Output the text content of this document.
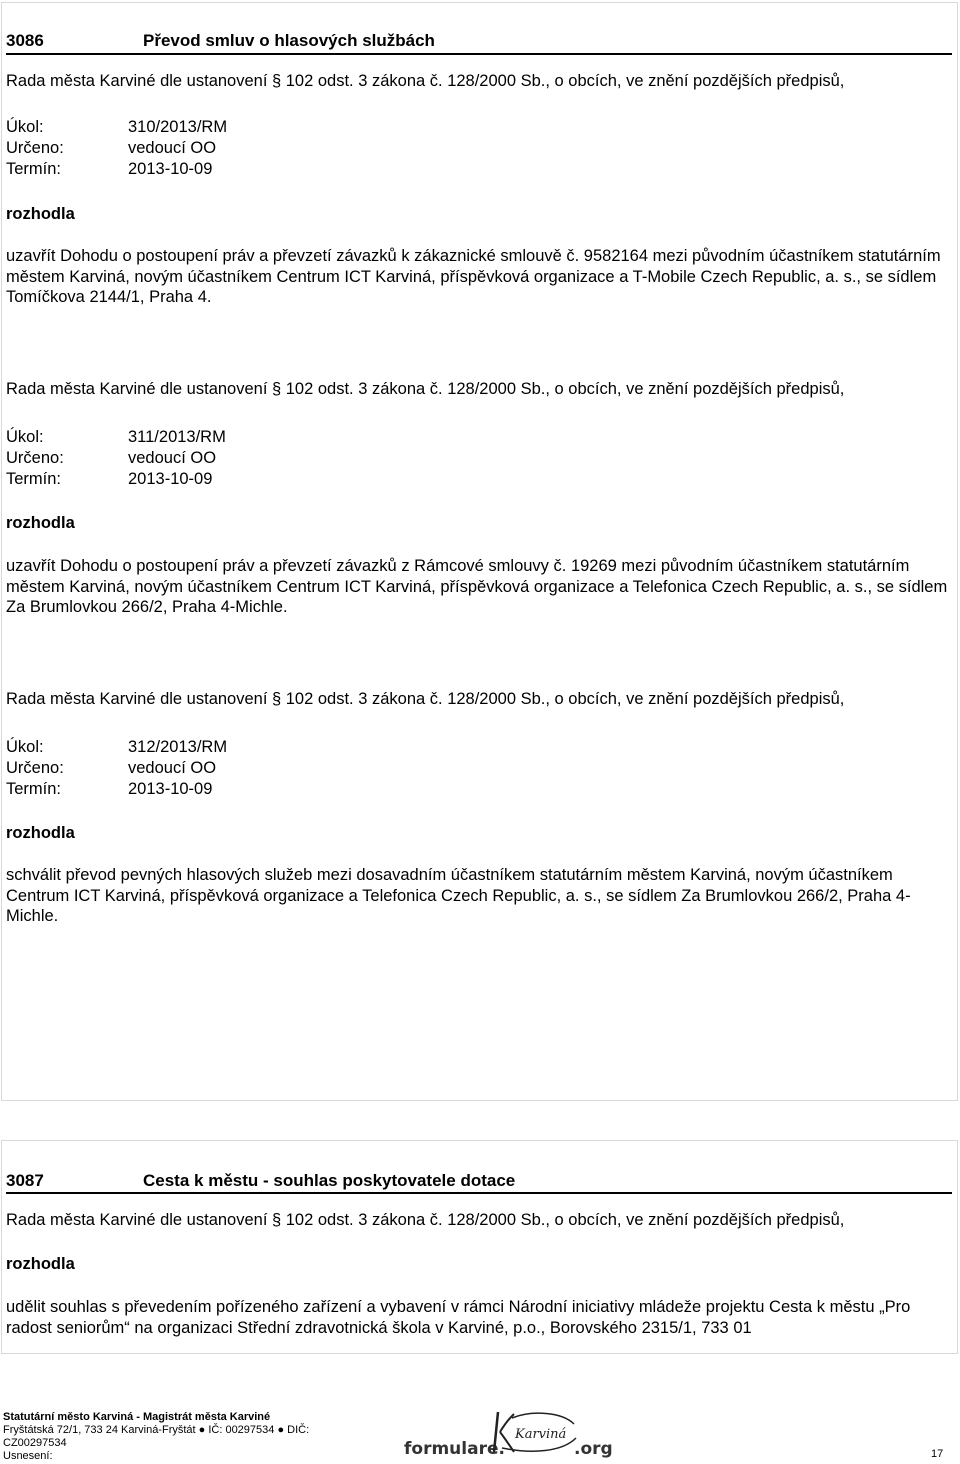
3086	Převod smluv o hlasových službách
Rada města Karviné dle ustanovení § 102 odst. 3 zákona č. 128/2000 Sb., o obcích, ve znění pozdějších předpisů,
Úkol:	310/2013/RM
Určeno:	vedoucí OO
Termín:	2013-10-09
rozhodla
uzavřít Dohodu o postoupení práv a převzetí závazků k zákaznické smlouvě č. 9582164 mezi původním účastníkem statutárním městem Karviná, novým účastníkem Centrum ICT Karviná, příspěvková organizace a T-Mobile Czech Republic, a. s., se sídlem Tomíčkova 2144/1, Praha 4.
Rada města Karviné dle ustanovení § 102 odst. 3 zákona č. 128/2000 Sb., o obcích, ve znění pozdějších předpisů,
Úkol:	311/2013/RM
Určeno:	vedoucí OO
Termín:	2013-10-09
rozhodla
uzavřít Dohodu o postoupení práv a převzetí závazků z Rámcové smlouvy č. 19269 mezi původním účastníkem statutárním městem Karviná, novým účastníkem Centrum ICT Karviná, příspěvková organizace a Telefonica Czech Republic, a. s., se sídlem Za Brumlovkou 266/2, Praha 4-Michle.
Rada města Karviné dle ustanovení § 102 odst. 3 zákona č. 128/2000 Sb., o obcích, ve znění pozdějších předpisů,
Úkol:	312/2013/RM
Určeno:	vedoucí OO
Termín:	2013-10-09
rozhodla
schválit převod pevných hlasových služeb mezi dosavadním účastníkem statutárním městem Karviná, novým účastníkem Centrum ICT Karviná, příspěvková organizace a Telefonica Czech Republic, a. s., se sídlem Za Brumlovkou 266/2, Praha 4-Michle.
3087	Cesta k městu - souhlas poskytovatele dotace
Rada města Karviné dle ustanovení § 102 odst. 3 zákona č. 128/2000 Sb., o obcích, ve znění pozdějších předpisů,
rozhodla
udělit souhlas s převedením pořízeného zařízení a vybavení v rámci Národní iniciativy mládeže projektu Cesta k městu „Pro radost seniorům“ na organizaci Střední zdravotnická škola v Karviné, p.o., Borovského 2315/1, 733 01
Statutární město Karviná - Magistrát města Karviné
Fryštátská 72/1, 733 24 Karviná-Fryštát ● IČ: 00297534 ● DIČ:
CZ00297534
Usnesení:	17
formulare.
Karviná
.org
